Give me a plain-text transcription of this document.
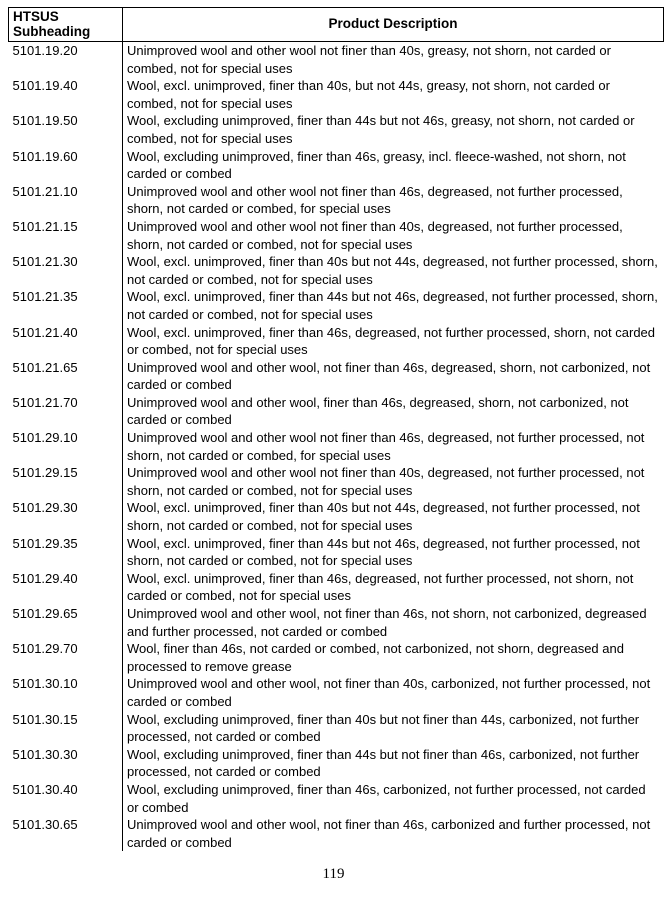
HTSUS Subheading	Product Description
5101.19.20	Unimproved wool and other wool not finer than 40s, greasy, not shorn, not carded or combed, not for special uses
5101.19.40	Wool, excl. unimproved, finer than 40s, but not 44s, greasy, not shorn, not carded or combed, not for special uses
5101.19.50	Wool, excluding unimproved, finer than 44s but not 46s, greasy, not shorn, not carded or combed, not for special uses
5101.19.60	Wool, excluding unimproved, finer than 46s, greasy, incl. fleece-washed, not shorn, not carded or combed
5101.21.10	Unimproved wool and other wool not finer than 46s, degreased, not further processed, shorn, not carded or combed, for special uses
5101.21.15	Unimproved wool and other wool not finer than 40s, degreased, not further processed, shorn, not carded or combed, not for special uses
5101.21.30	Wool, excl. unimproved, finer than 40s but not 44s, degreased, not further processed, shorn, not carded or combed, not for special uses
5101.21.35	Wool, excl. unimproved, finer than 44s but not 46s, degreased, not further processed, shorn, not carded or combed, not for special uses
5101.21.40	Wool, excl. unimproved, finer than 46s, degreased, not further processed, shorn, not carded or combed, not for special uses
5101.21.65	Unimproved wool and other wool, not finer than 46s, degreased, shorn, not carbonized, not carded or combed
5101.21.70	Unimproved wool and other wool, finer than 46s, degreased, shorn, not carbonized, not carded or combed
5101.29.10	Unimproved wool and other wool not finer than 46s, degreased, not further processed, not shorn, not carded or combed, for special uses
5101.29.15	Unimproved wool and other wool not finer than 40s, degreased, not further processed, not shorn, not carded or combed, not for special uses
5101.29.30	Wool, excl. unimproved, finer than 40s but not 44s, degreased, not further processed, not shorn, not carded or combed, not for special uses
5101.29.35	Wool, excl. unimproved, finer than 44s but not 46s, degreased, not further processed, not shorn, not carded or combed, not for special uses
5101.29.40	Wool, excl. unimproved, finer than 46s, degreased, not further processed, not shorn, not carded or combed, not for special uses
5101.29.65	Unimproved wool and other wool, not finer than 46s, not shorn, not carbonized, degreased and further processed, not carded or combed
5101.29.70	Wool, finer than 46s, not carded or combed, not carbonized, not shorn, degreased and processed to remove grease
5101.30.10	Unimproved wool and other wool, not finer than 40s, carbonized, not further processed, not carded or combed
5101.30.15	Wool, excluding unimproved, finer than 40s but not finer than 44s, carbonized, not further processed, not carded or combed
5101.30.30	Wool, excluding unimproved, finer than 44s but not finer than 46s, carbonized, not further processed, not carded or combed
5101.30.40	Wool, excluding unimproved, finer than 46s, carbonized, not further processed, not carded or combed
5101.30.65	Unimproved wool and other wool, not finer than 46s, carbonized and further processed, not carded or combed
119
